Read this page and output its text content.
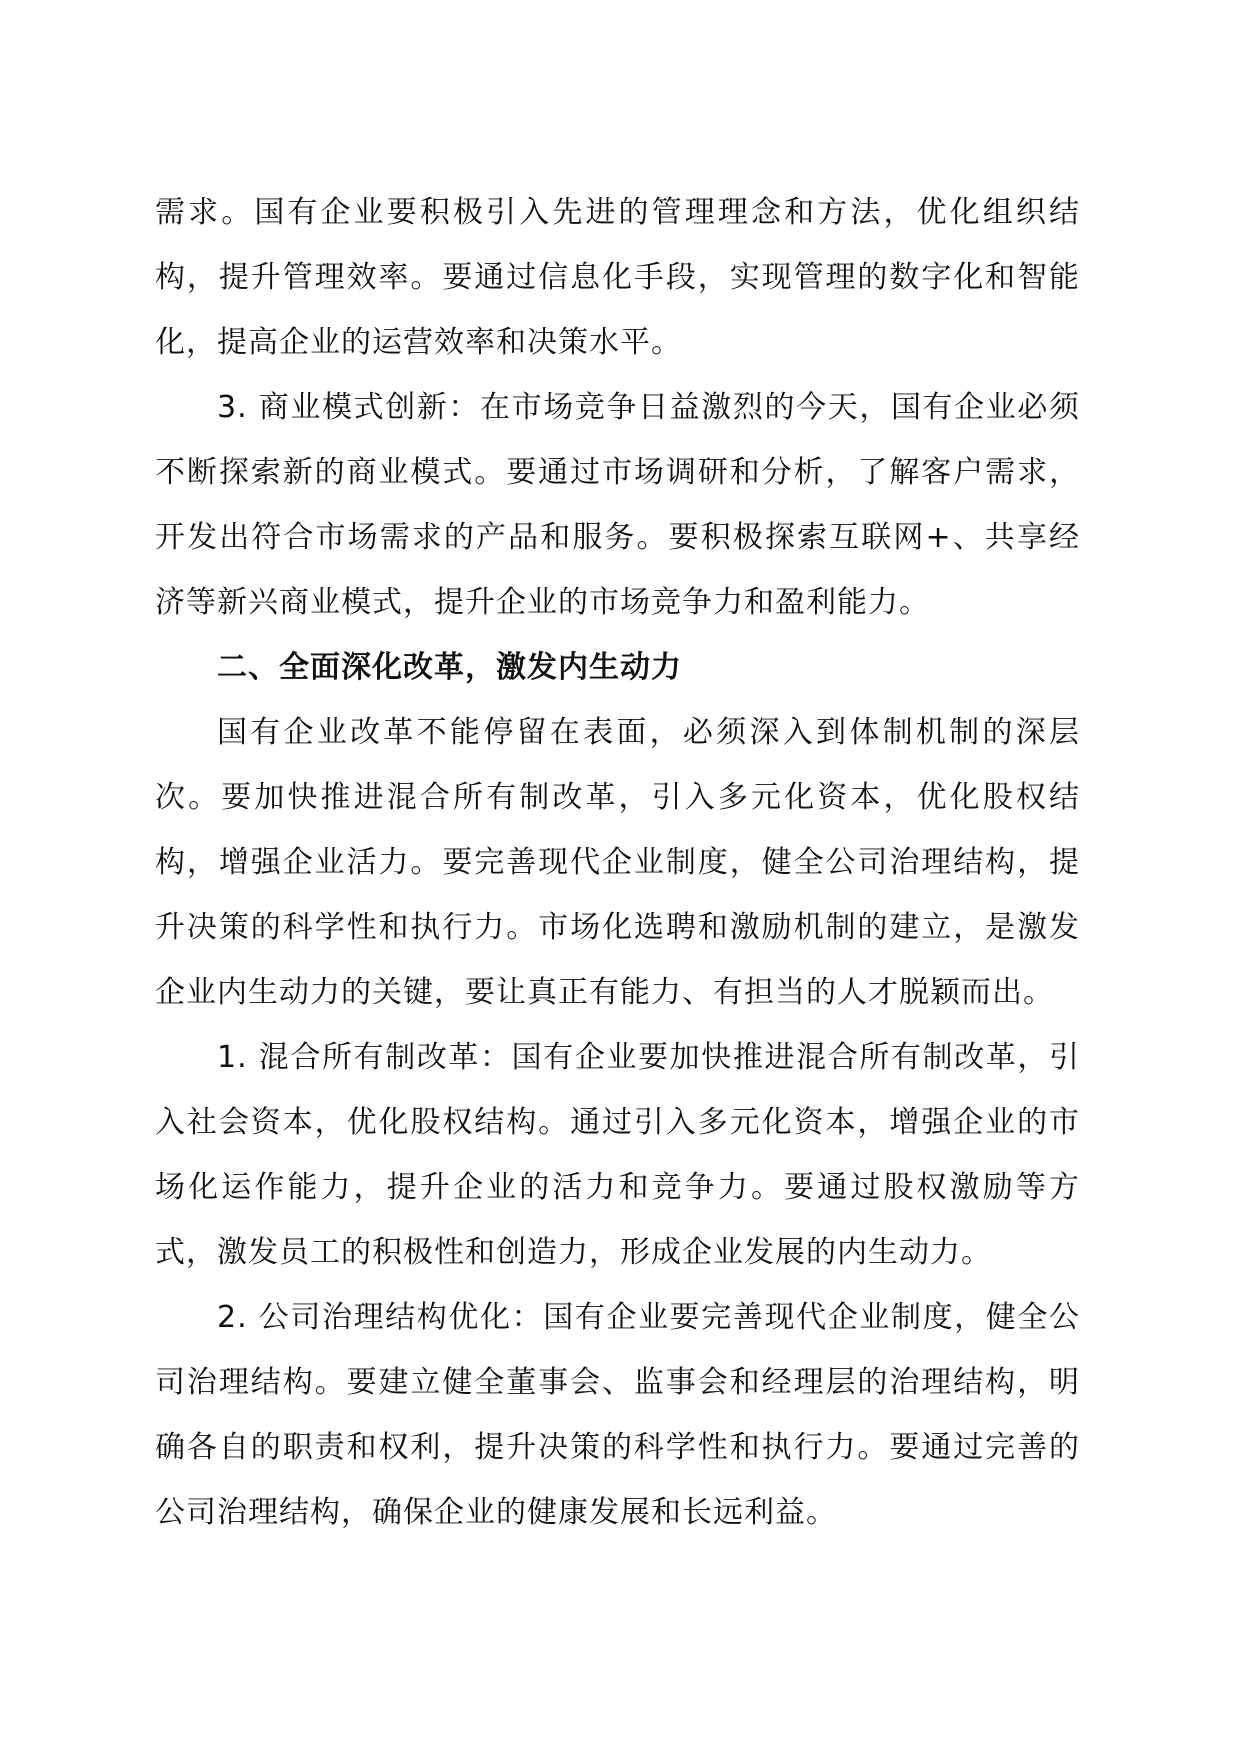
需求。国有企业要积极引入先进的管理理念和方法，优化组织结构，提升管理效率。要通过信息化手段，实现管理的数字化和智能化，提高企业的运营效率和决策水平。

3. 商业模式创新：在市场竞争日益激烈的今天，国有企业必须不断探索新的商业模式。要通过市场调研和分析，了解客户需求，开发出符合市场需求的产品和服务。要积极探索互联网+、共享经济等新兴商业模式，提升企业的市场竞争力和盈利能力。

二、全面深化改革，激发内生动力

国有企业改革不能停留在表面，必须深入到体制机制的深层次。要加快推进混合所有制改革，引入多元化资本，优化股权结构，增强企业活力。要完善现代企业制度，健全公司治理结构，提升决策的科学性和执行力。市场化选聘和激励机制的建立，是激发企业内生动力的关键，要让真正有能力、有担当的人才脱颖而出。

1. 混合所有制改革：国有企业要加快推进混合所有制改革，引入社会资本，优化股权结构。通过引入多元化资本，增强企业的市场化运作能力，提升企业的活力和竞争力。要通过股权激励等方式，激发员工的积极性和创造力，形成企业发展的内生动力。

2. 公司治理结构优化：国有企业要完善现代企业制度，健全公司治理结构。要建立健全董事会、监事会和经理层的治理结构，明确各自的职责和权利，提升决策的科学性和执行力。要通过完善的公司治理结构，确保企业的健康发展和长远利益。
